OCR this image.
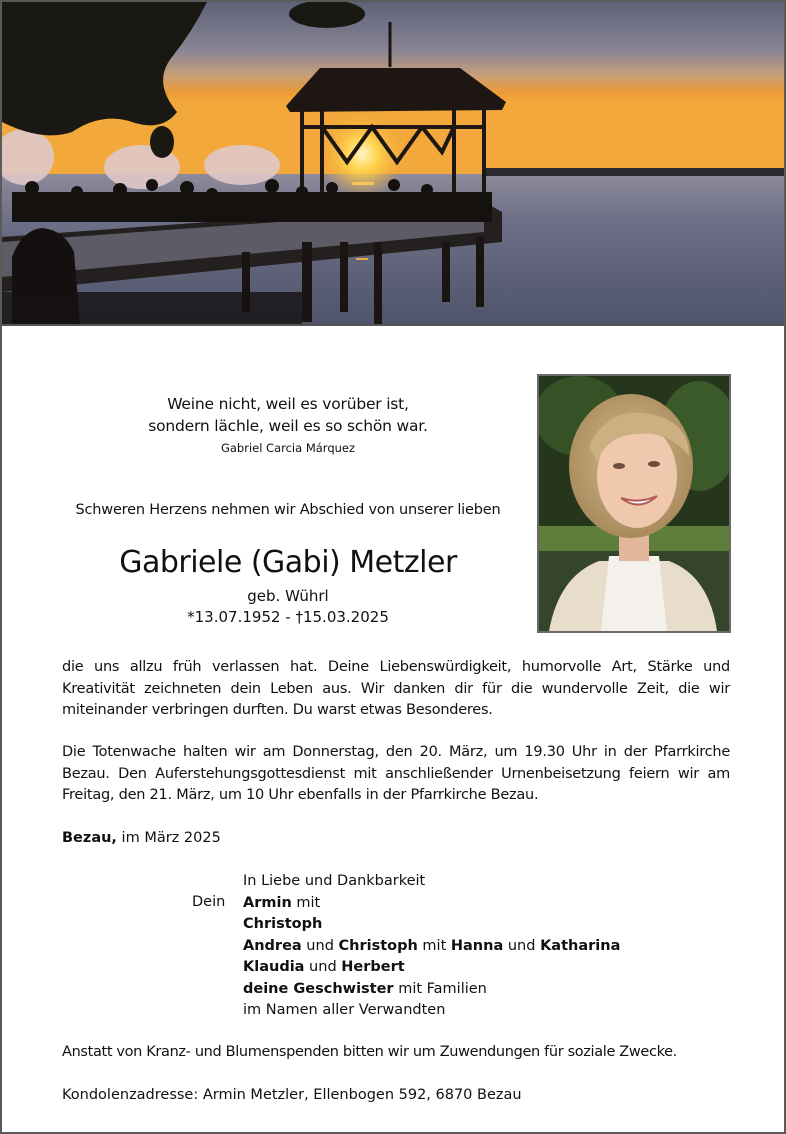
Weine nicht, weil es vorüber ist,
sondern lächle, weil es so schön war.
Gabriel Carcia Márquez
Schweren Herzens nehmen wir Abschied von unserer lieben
Gabriele (Gabi) Metzler
geb. Wührl
*13.07.1952 - †15.03.2025
die uns allzu früh verlassen hat. Deine Liebenswürdigkeit, humorvolle Art, Stärke und Kreativität zeichneten dein Leben aus. Wir danken dir für die wundervolle Zeit, die wir miteinander verbringen durften. Du warst etwas Besonderes.
Die Totenwache halten wir am Donnerstag, den 20. März, um 19.30 Uhr in der Pfarrkirche Bezau. Den Auferstehungsgottesdienst mit anschließender Urnenbeisetzung feiern wir am Freitag, den 21. März, um 10 Uhr ebenfalls in der Pfarrkirche Bezau.
Bezau, im März 2025
Dein
In Liebe und Dankbarkeit
Armin mit
Christoph
Andrea und Christoph mit Hanna und Katharina
Klaudia und Herbert
deine Geschwister mit Familien
im Namen aller Verwandten
Anstatt von Kranz- und Blumenspenden bitten wir um Zuwendungen für soziale Zwecke.
Kondolenzadresse: Armin Metzler, Ellenbogen 592, 6870 Bezau
